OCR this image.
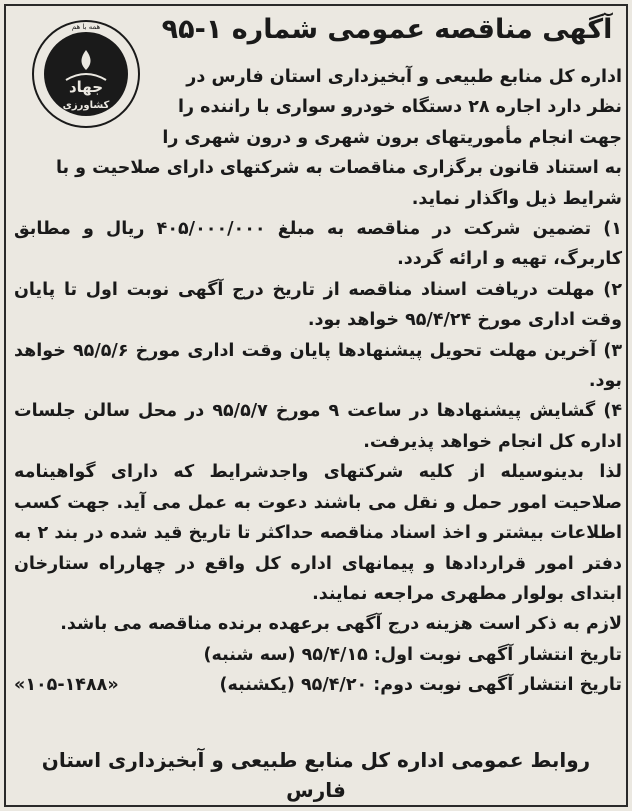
آگهی مناقصه عمومی شماره ۱-۹۵
جهاد
کشاورزی
همه با هم

اداره کل منابع طبیعی و آبخیزداری استان فارس در

نظر دارد اجاره ۲۸ دستگاه خودرو سواری با راننده را

جهت انجام مأموریتهای برون شهری و درون شهری را

به استناد قانون برگزاری مناقصات به شرکتهای دارای صلاحیت و با

شرایط ذیل واگذار نماید.

۱) تضمین شرکت در مناقصه به مبلغ ۴۰۵/۰۰۰/۰۰۰ ریال و مطابق کاربرگ، تهیه و ارائه گردد.

۲) مهلت دریافت اسناد مناقصه از تاریخ درج آگهی نوبت اول تا پایان وقت اداری مورخ ۹۵/۴/۲۴ خواهد بود.

۳) آخرین مهلت تحویل پیشنهادها پایان وقت اداری مورخ ۹۵/۵/۶ خواهد بود.

۴) گشایش پیشنهادها در ساعت ۹ مورخ ۹۵/۵/۷ در محل سالن جلسات اداره کل انجام خواهد پذیرفت.

لذا بدینوسیله از کلیه شرکتهای واجدشرایط که دارای گواهینامه صلاحیت امور حمل و نقل می باشند دعوت به عمل می آید. جهت کسب اطلاعات بیشتر و اخذ اسناد مناقصه حداکثر تا تاریخ قید شده در بند ۲ به دفتر امور قراردادها و پیمانهای اداره کل واقع در چهارراه ستارخان ابتدای بولوار مطهری مراجعه نمایند.

لازم به ذکر است هزینه درج آگهی برعهده برنده مناقصه می باشد.

تاریخ انتشار آگهی نوبت اول: ۹۵/۴/۱۵ (سه شنبه)

تاریخ انتشار آگهی نوبت دوم: ۹۵/۴/۲۰ (یکشنبه)
«۱۰۵-۱۴۸۸»

روابط عمومی اداره کل منابع طبیعی و آبخیزداری استان فارس
